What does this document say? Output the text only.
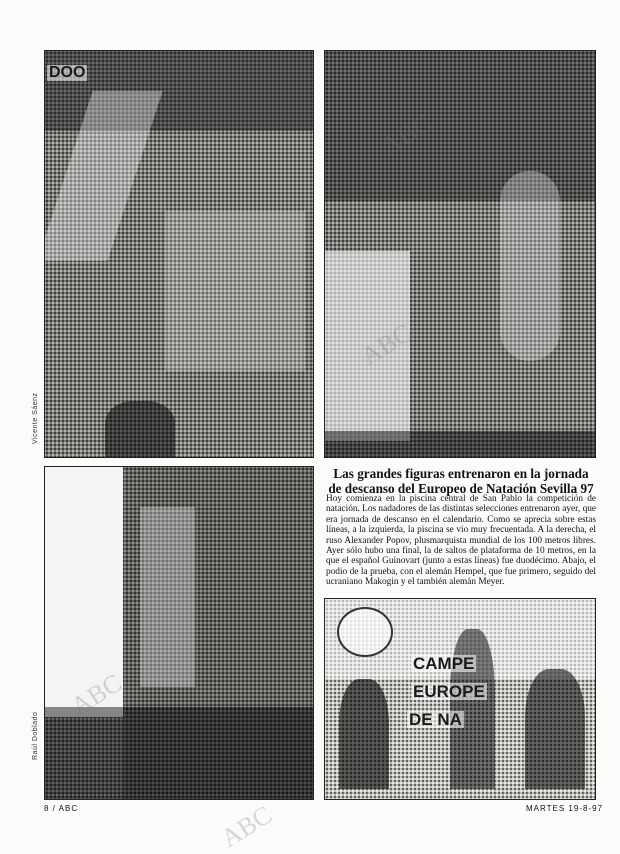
DOO
Vicente Sáenz
Raúl Doblado
Las grandes figuras entrenaron en la jornada de descanso del Europeo de Natación Sevilla 97

Hoy comienza en la piscina central de San Pablo la competición de natación. Los nadadores de las distintas selecciones entrenaron ayer, que era jornada de descanso en el calendario. Como se aprecia sobre estas líneas, a la izquierda, la piscina se vio muy frecuentada. A la derecha, el ruso Alexander Popov, plusmarquista mundial de los 100 metros libres. Ayer sólo hubo una final, la de saltos de plataforma de 10 metros, en la que el español Guinovart (junto a estas líneas) fue duodécimo. Abajo, el podio de la prueba, con el alemán Hempel, que fue primero, seguido del ucraniano Makogin y el también alemán Meyer.

CAMPE
EUROPE
DE NA
ABC
ABC
ABC
ABC
8 / ABC	MARTES 19-8-97
